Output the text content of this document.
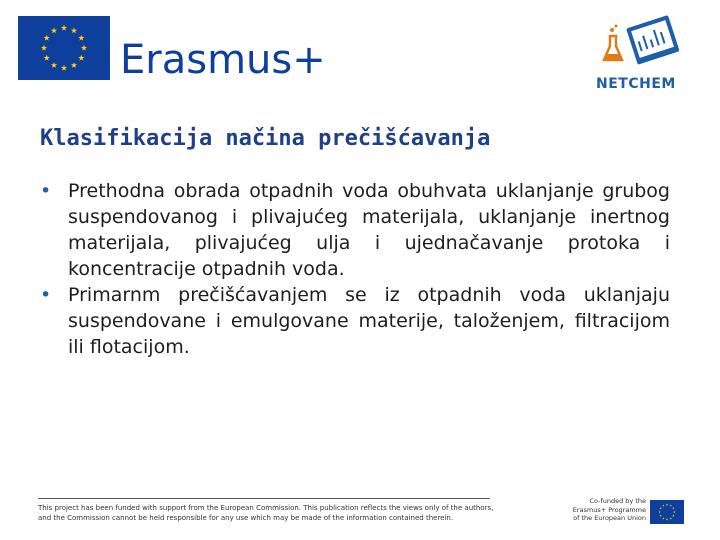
Erasmus+
NETCHEM
Klasifikacija načina prečišćavanja
• Prethodna obrada otpadnih voda obuhvata uklanjanje grubog suspendovanog i plivajućeg materijala, uklanjanje inertnog materijala, plivajućeg ulja i ujednačavanje protoka i koncentracije otpadnih voda.
• Primarnm prečišćavanjem se iz otpadnih voda uklanjaju suspendovane i emulgovane materije, taloženjem, filtracijom ili flotacijom.

This project has been funded with support from the European Commission. This publication reflects the views only of the authors, and the Commission cannot be held responsible for any use which may be made of the information contained therein.

Co-funded by the Erasmus+ Programme of the European Union
